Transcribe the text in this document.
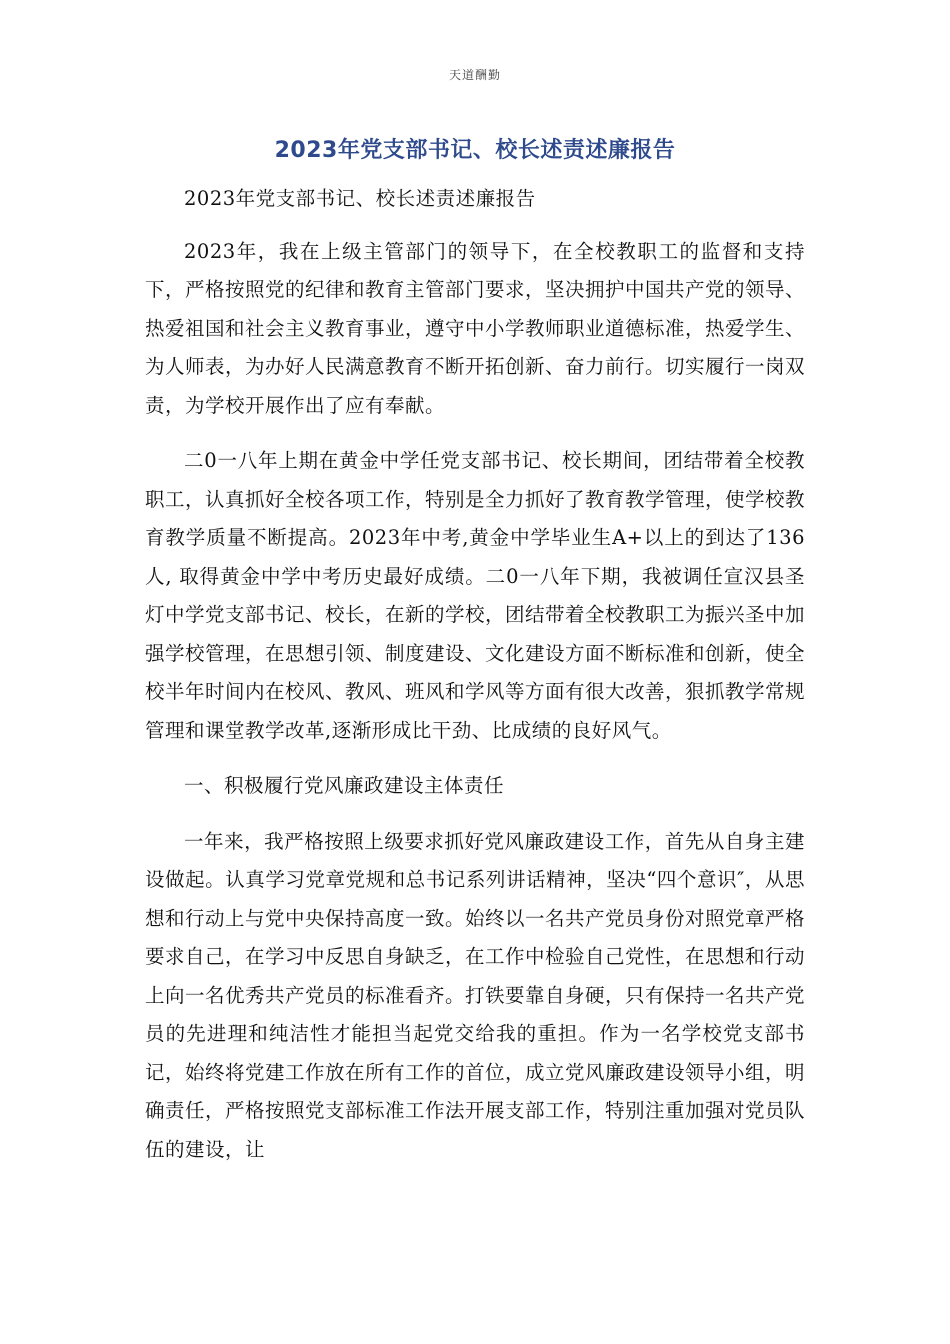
天道酬勤
2023年党支部书记、校长述责述廉报告

2023年党支部书记、校长述责述廉报告

2023年，我在上级主管部门的领导下，在全校教职工的监督和支持下，严格按照党的纪律和教育主管部门要求，坚决拥护中国共产党的领导、热爱祖国和社会主义教育事业，遵守中小学教师职业道德标准，热爱学生、为人师表，为办好人民满意教育不断开拓创新、奋力前行。切实履行一岗双责，为学校开展作出了应有奉献。

二0一八年上期在黄金中学任党支部书记、校长期间，团结带着全校教职工，认真抓好全校各项工作，特别是全力抓好了教育教学管理，使学校教育教学质量不断提高。2023年中考,黄金中学毕业生A+以上的到达了136人, 取得黄金中学中考历史最好成绩。二0一八年下期，我被调任宣汉县圣灯中学党支部书记、校长，在新的学校，团结带着全校教职工为振兴圣中加强学校管理，在思想引领、制度建设、文化建设方面不断标准和创新，使全校半年时间内在校风、教风、班风和学风等方面有很大改善，狠抓教学常规管理和课堂教学改革,逐渐形成比干劲、比成绩的良好风气。

一、积极履行党风廉政建设主体责任

一年来，我严格按照上级要求抓好党风廉政建设工作，首先从自身主建设做起。认真学习党章党规和总书记系列讲话精神，坚决“四个意识″，从思想和行动上与党中央保持高度一致。始终以一名共产党员身份对照党章严格要求自己，在学习中反思自身缺乏，在工作中检验自己党性，在思想和行动上向一名优秀共产党员的标准看齐。打铁要靠自身硬，只有保持一名共产党员的先进理和纯洁性才能担当起党交给我的重担。作为一名学校党支部书记，始终将党建工作放在所有工作的首位，成立党风廉政建设领导小组，明确责任，严格按照党支部标准工作法开展支部工作，特别注重加强对党员队伍的建设，让
